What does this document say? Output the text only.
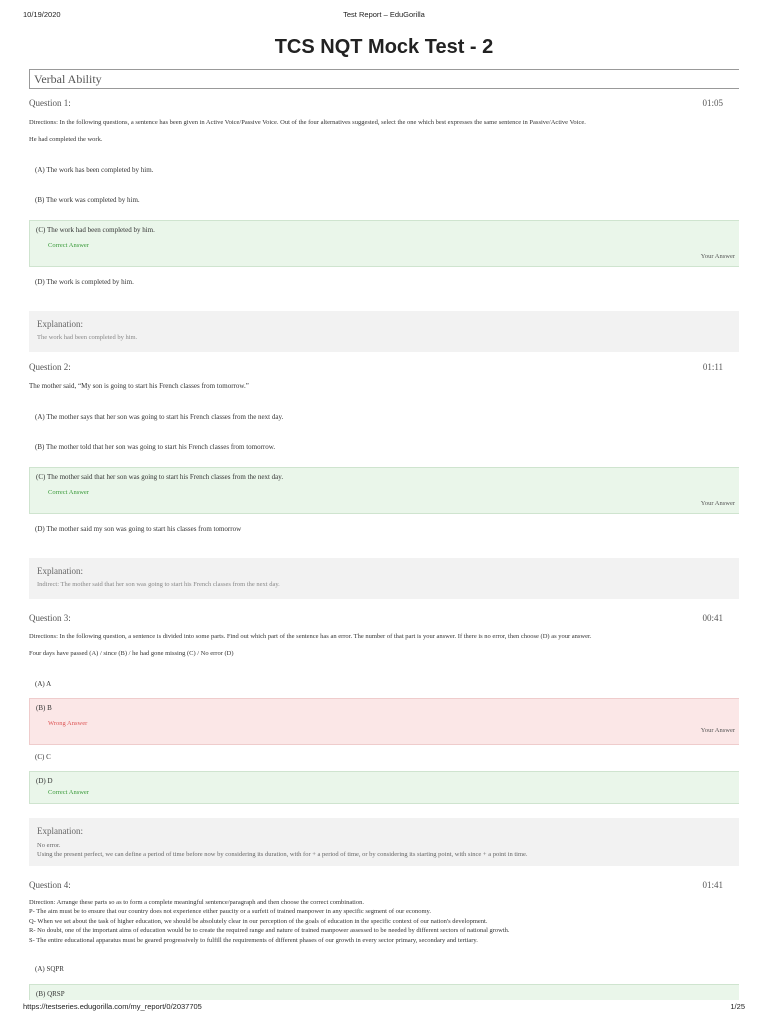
10/19/2020	Test Report – EduGorilla
TCS NQT Mock Test - 2
Verbal Ability
Question 1:	01:05
Directions: In the following questions, a sentence has been given in Active Voice/Passive Voice. Out of the four alternatives suggested, select the one which best expresses the same sentence in Passive/Active Voice.
He had completed the work.
(A) The work has been completed by him.
(B) The work was completed by him.
(C) The work had been completed by him.
Correct Answer
Your Answer
(D) The work is completed by him.
Explanation:
The work had been completed by him.
Question 2:	01:11
The mother said, “My son is going to start his French classes from tomorrow.”
(A) The mother says that her son was going to start his French classes from the next day.
(B) The mother told that her son was going to start his French classes from tomorrow.
(C) The mother said that her son was going to start his French classes from the next day.
Correct Answer
Your Answer
(D) The mother said my son was going to start his classes from tomorrow
Explanation:
Indirect: The mother said that her son was going to start his French classes from the next day.
Question 3:	00:41
Directions: In the following question, a sentence is divided into some parts. Find out which part of the sentence has an error. The number of that part is your answer. If there is no error, then choose (D) as your answer.
Four days have passed (A) / since (B) / he had gone missing (C) / No error (D)
(A) A
(B) B
Wrong Answer
Your Answer
(C) C
(D) D
Correct Answer
Explanation:
No error.
Using the present perfect, we can define a period of time before now by considering its duration, with for + a period of time, or by considering its starting point, with since + a point in time.
Question 4:	01:41
Direction: Arrange these parts so as to form a complete meaningful sentence/paragraph and then choose the correct combination.
P- The aim must be to ensure that our country does not experience either paucity or a surfeit of trained manpower in any specific segment of our economy.
Q- When we set about the task of higher education, we should be absolutely clear in our perception of the goals of education in the specific context of our nation's development.
R- No doubt, one of the important aims of education would be to create the required range and nature of trained manpower assessed to be needed by different sectors of national growth.
S- The entire educational apparatus must be geared progressively to fulfill the requirements of different phases of our growth in every sector primary, secondary and tertiary.
(A) SQPR
(B) QRSP
https://testseries.edugorilla.com/my_report/0/2037705	1/25
